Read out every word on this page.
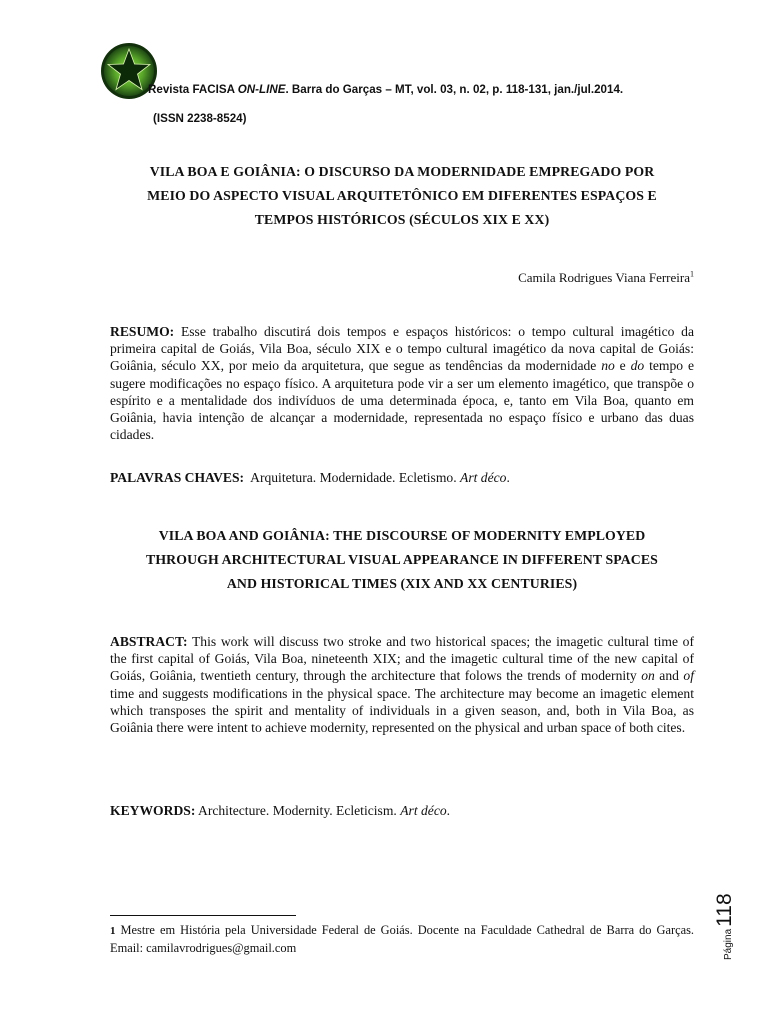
Revista FACISA ON-LINE. Barra do Garças – MT, vol. 03, n. 02, p. 118-131, jan./jul.2014.
(ISSN 2238-8524)
VILA BOA E GOIÂNIA: O DISCURSO DA MODERNIDADE EMPREGADO POR
MEIO DO ASPECTO VISUAL ARQUITETÔNICO EM DIFERENTES ESPAÇOS E
TEMPOS HISTÓRICOS (SÉCULOS XIX E XX)
Camila Rodrigues Viana Ferreira$^1$

RESUMO: Esse trabalho discutirá dois tempos e espaços históricos: o tempo cultural imagético da primeira capital de Goiás, Vila Boa, século XIX e o tempo cultural imagético da nova capital de Goiás: Goiânia, século XX, por meio da arquitetura, que segue as tendências da modernidade no e do tempo e sugere modificações no espaço físico. A arquitetura pode vir a ser um elemento imagético, que transpõe o espírito e a mentalidade dos indivíduos de uma determinada época, e, tanto em Vila Boa, quanto em Goiânia, havia intenção de alcançar a modernidade, representada no espaço físico e urbano das duas cidades.

PALAVRAS CHAVES:  Arquitetura. Modernidade. Ecletismo. Art déco.
VILA BOA AND GOIÂNIA: THE DISCOURSE OF MODERNITY EMPLOYED
THROUGH ARCHITECTURAL VISUAL APPEARANCE IN DIFFERENT SPACES
AND HISTORICAL TIMES (XIX AND XX CENTURIES)

ABSTRACT: This work will discuss two stroke and two historical spaces; the imagetic cultural time of the first capital of Goiás, Vila Boa, nineteenth XIX; and the imagetic cultural time of the new capital of Goiás, Goiânia, twentieth century, through the architecture that folows the trends of modernity on and of time and suggests modifications in the physical space. The architecture may become an imagetic element which transposes the spirit and mentality of individuals in a given season, and, both in Vila Boa, as Goiânia there were intent to achieve modernity, represented on the physical and urban space of both cites.

KEYWORDS: Architecture. Modernity. Ecleticism. Art déco.
1 Mestre em História pela Universidade Federal de Goiás. Docente na Faculdade Cathedral de Barra do Garças. Email: camilavrodrigues@gmail.com	Página118
